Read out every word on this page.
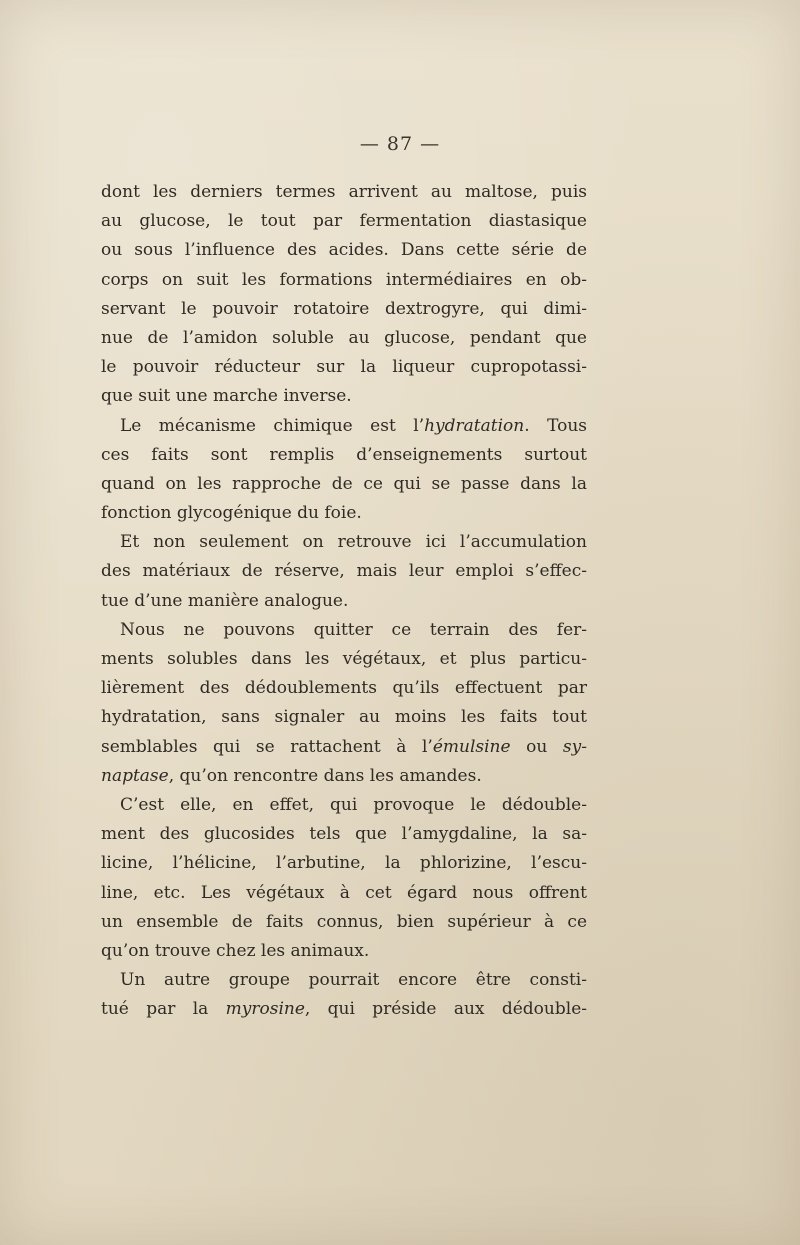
— 87 —
dont les derniers termes arrivent au maltose, puis
au glucose, le tout par fermentation diastasique
ou sous l’influence des acides. Dans cette série de
corps on suit les formations intermédiaires en ob-
servant le pouvoir rotatoire dextrogyre, qui dimi-
nue de l’amidon soluble au glucose, pendant que
le pouvoir réducteur sur la liqueur cupropotassi-
que suit une marche inverse.
Le mécanisme chimique est l’hydratation. Tous
ces faits sont remplis d’enseignements surtout
quand on les rapproche de ce qui se passe dans la
fonction glycogénique du foie.
Et non seulement on retrouve ici l’accumulation
des matériaux de réserve, mais leur emploi s’effec-
tue d’une manière analogue.
Nous ne pouvons quitter ce terrain des fer-
ments solubles dans les végétaux, et plus particu-
lièrement des dédoublements qu’ils effectuent par
hydratation, sans signaler au moins les faits tout
semblables qui se rattachent à l’émulsine ou sy-
naptase, qu’on rencontre dans les amandes.
C’est elle, en effet, qui provoque le dédouble-
ment des glucosides tels que l’amygdaline, la sa-
licine, l’hélicine, l’arbutine, la phlorizine, l’escu-
line, etc. Les végétaux à cet égard nous offrent
un ensemble de faits connus, bien supérieur à ce
qu’on trouve chez les animaux.
Un autre groupe pourrait encore être consti-
tué par la myrosine, qui préside aux dédouble-
